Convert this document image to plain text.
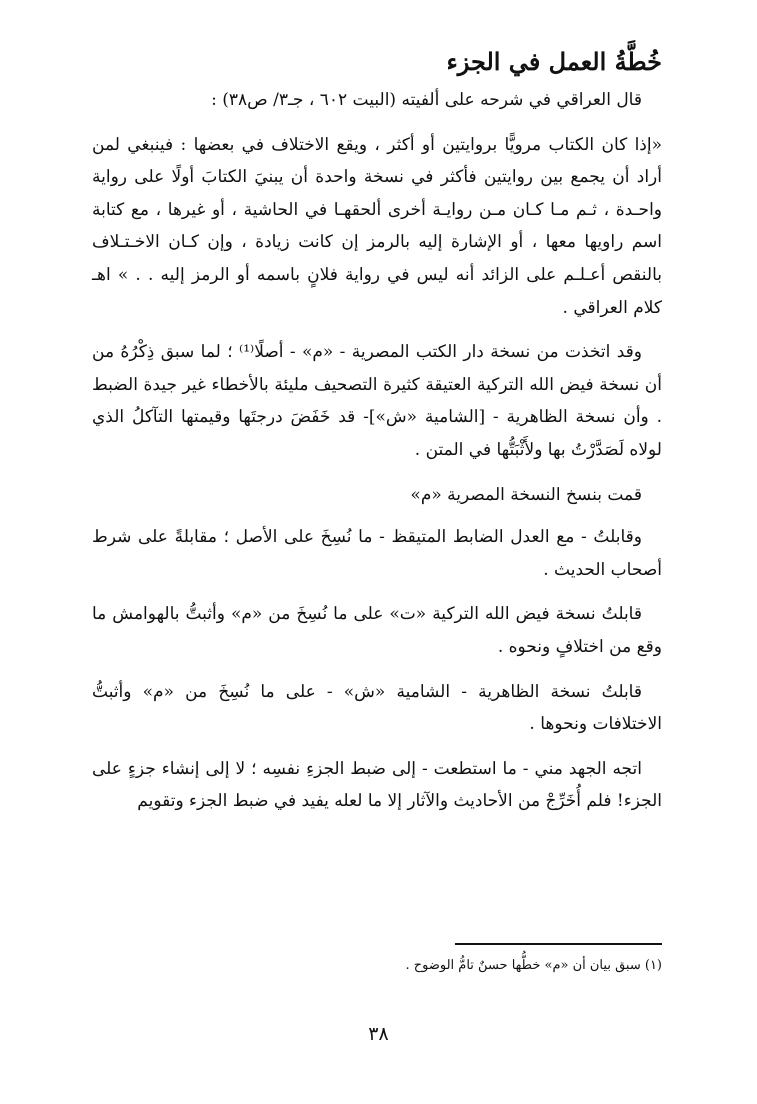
خُطَّةُ العمل في الجزء

قال العراقي في شرحه على ألفيته (البيت ٦٠٢ ، جـ٣/ ص٣٨) :

«إذا كان الكتاب مرويًّا بروايتين أو أكثر ، ويقع الاختلاف في بعضها : فينبغي لمن أراد أن يجمع بين روايتين فأكثر في نسخة واحدة أن يبنيَ الكتابَ أولًا على رواية واحـدة ، ثـم مـا كـان مـن روايـة أخرى ألحقهـا في الحاشية ، أو غيرها ، مع كتابة اسم راويها معها ، أو الإشارة إليه بالرمز إن كانت زيادة ، وإن كـان الاخـتـلاف بالنقص أعـلـم على الزائد أنه ليس في رواية فلانٍ باسمه أو الرمز إليه . . » اهـ كلام العراقي .

وقد اتخذت من نسخة دار الكتب المصرية - «م» - أصلًا⁽¹⁾ ؛ لما سبق ذِكْرُهُ من أن نسخة فيض الله التركية العتيقة كثيرة التصحيف مليئة بالأخطاء غير جيدة الضبط . وأن نسخة الظاهرية - [الشامية «ش»]- قد خَفَضَ درجتَها وقيمتها التآكلُ الذي لولاه لَصَدَّرْتُ بها ولأَثْبَتُّها في المتن .

قمت بنسخ النسخة المصرية «م»

وقابلتُ - مع العدل الضابط المتيقظ - ما نُسِخَ على الأصل ؛ مقابلةً على شرط أصحاب الحديث .

قابلتُ نسخة فيض الله التركية «ت» على ما نُسِخَ من «م» وأثبتُّ بالهوامش ما وقع من اختلافٍ ونحوه .

قابلتُ نسخة الظاهرية - الشامية «ش» - على ما نُسِخَ من «م» وأثبتُّ الاختلافات ونحوها .

اتجه الجهد مني - ما استطعت - إلى ضبط الجزءِ نفسِه ؛ لا إلى إنشاء جزءٍ على الجزء! فلم أُخَرِّجْ من الأحاديث والآثار إلا ما لعله يفيد في ضبط الجزء وتقويم

(١) سبق بيان أن «م» خطُّها حسنٌ تامُّ الوضوح .
٣٨
